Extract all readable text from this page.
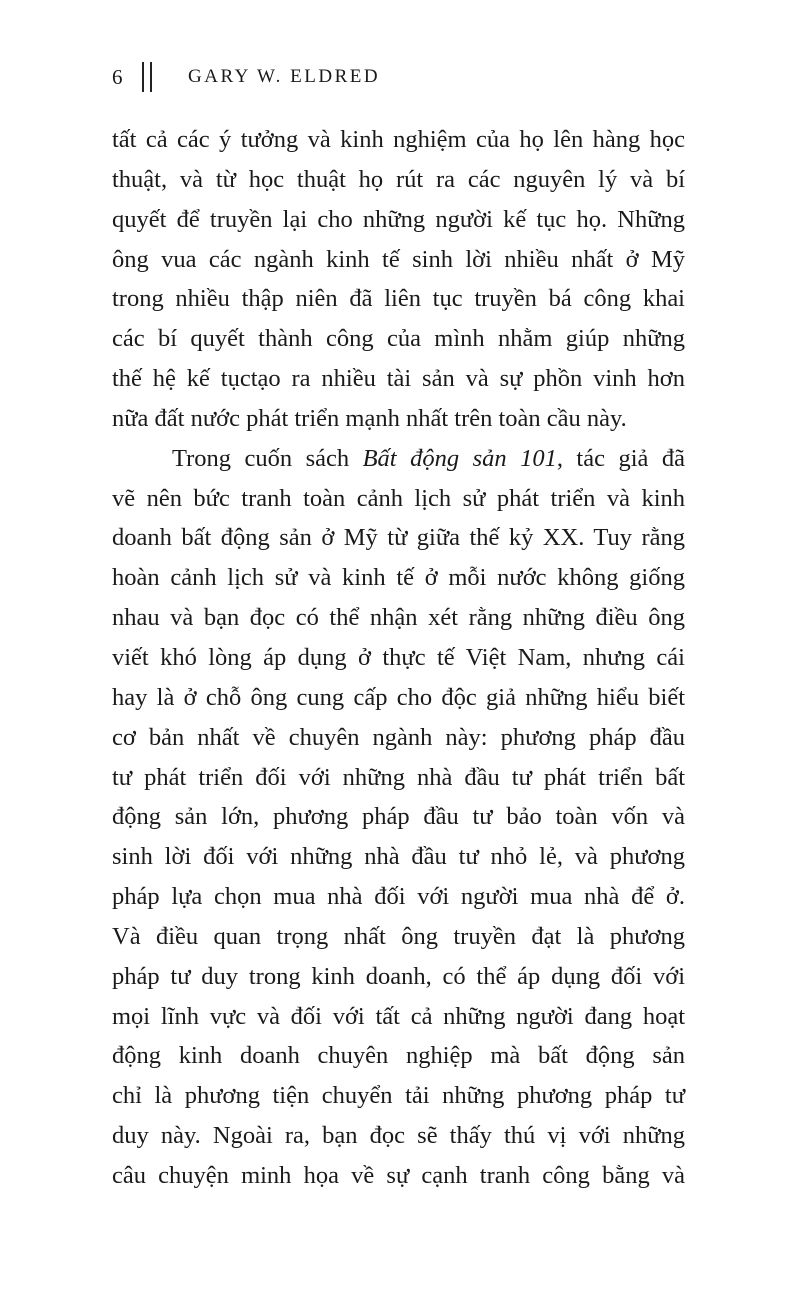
6	GARY W. ELDRED
tất cả các ý tưởng và kinh nghiệm của họ lên hàng học
thuật, và từ học thuật họ rút ra các nguyên lý và bí
quyết để truyền lại cho những người kế tục họ. Những
ông vua các ngành kinh tế sinh lời nhiều nhất ở Mỹ
trong nhiều thập niên đã liên tục truyền bá công khai
các bí quyết thành công của mình nhằm giúp những
thế hệ kế tụctạo ra nhiều tài sản và sự phồn vinh hơn
nữa đất nước phát triển mạnh nhất trên toàn cầu này.
Trong cuốn sách Bất động sản 101, tác giả đã
vẽ nên bức tranh toàn cảnh lịch sử phát triển và kinh
doanh bất động sản ở Mỹ từ giữa thế kỷ XX. Tuy rằng
hoàn cảnh lịch sử và kinh tế ở mỗi nước không giống
nhau và bạn đọc có thể nhận xét rằng những điều ông
viết khó lòng áp dụng ở thực tế Việt Nam, nhưng cái
hay là ở chỗ ông cung cấp cho độc giả những hiểu biết
cơ bản nhất về chuyên ngành này: phương pháp đầu
tư phát triển đối với những nhà đầu tư phát triển bất
động sản lớn, phương pháp đầu tư bảo toàn vốn và
sinh lời đối với những nhà đầu tư nhỏ lẻ, và phương
pháp lựa chọn mua nhà đối với người mua nhà để ở.
Và điều quan trọng nhất ông truyền đạt là phương
pháp tư duy trong kinh doanh, có thể áp dụng đối với
mọi lĩnh vực và đối với tất cả những người đang hoạt
động kinh doanh chuyên nghiệp mà bất động sản
chỉ là phương tiện chuyển tải những phương pháp tư
duy này. Ngoài ra, bạn đọc sẽ thấy thú vị với những
câu chuyện minh họa về sự cạnh tranh công bằng và
